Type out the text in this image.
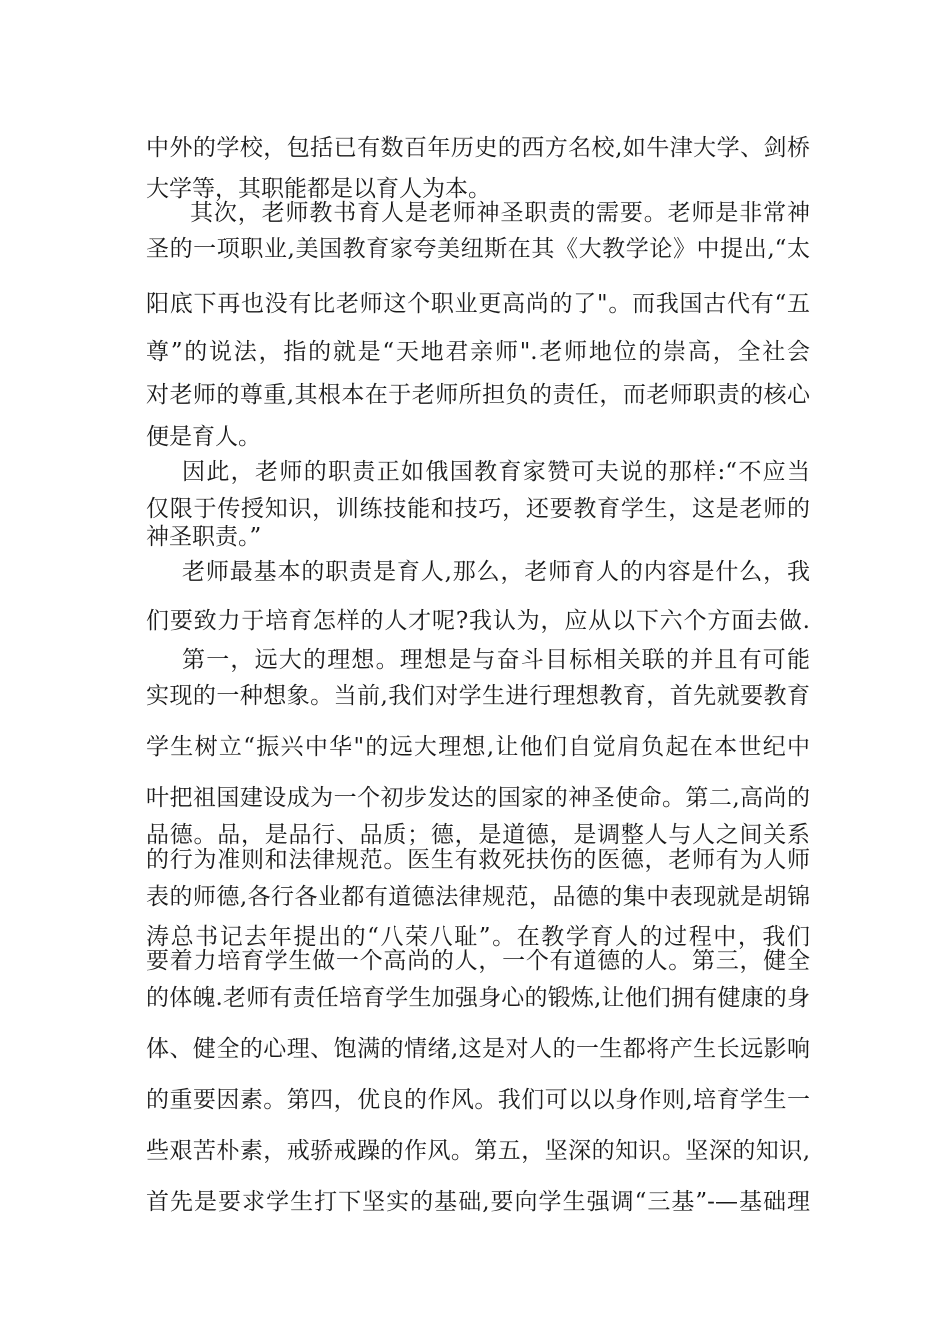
中外的学校，包括已有数百年历史的西方名校,如牛津大学、剑桥
大学等，其职能都是以育人为本。
其次，老师教书育人是老师神圣职责的需要。老师是非常神
圣的一项职业,美国教育家夸美纽斯在其《大教学论》中提出,“太
阳底下再也没有比老师这个职业更高尚的了"。而我国古代有“五
尊”的说法，指的就是“天地君亲师".老师地位的崇高，全社会
对老师的尊重,其根本在于老师所担负的责任，而老师职责的核心
便是育人。
因此，老师的职责正如俄国教育家赞可夫说的那样:“不应当
仅限于传授知识，训练技能和技巧，还要教育学生，这是老师的
神圣职责。”
老师最基本的职责是育人,那么，老师育人的内容是什么，我
们要致力于培育怎样的人才呢?我认为，应从以下六个方面去做.
第一，远大的理想。理想是与奋斗目标相关联的并且有可能
实现的一种想象。当前,我们对学生进行理想教育，首先就要教育
学生树立“振兴中华"的远大理想,让他们自觉肩负起在本世纪中
叶把祖国建设成为一个初步发达的国家的神圣使命。第二,高尚的
品德。品，是品行、品质；德，是道德，是调整人与人之间关系
的行为准则和法律规范。医生有救死扶伤的医德，老师有为人师
表的师德,各行各业都有道德法律规范，品德的集中表现就是胡锦
涛总书记去年提出的“八荣八耻”。在教学育人的过程中，我们
要着力培育学生做一个高尚的人，一个有道德的人。第三，健全
的体魄.老师有责任培育学生加强身心的锻炼,让他们拥有健康的身
体、健全的心理、饱满的情绪,这是对人的一生都将产生长远影响
的重要因素。第四，优良的作风。我们可以以身作则,培育学生一
些艰苦朴素，戒骄戒躁的作风。第五，坚深的知识。坚深的知识,
首先是要求学生打下坚实的基础,要向学生强调“三基”-—基础理
